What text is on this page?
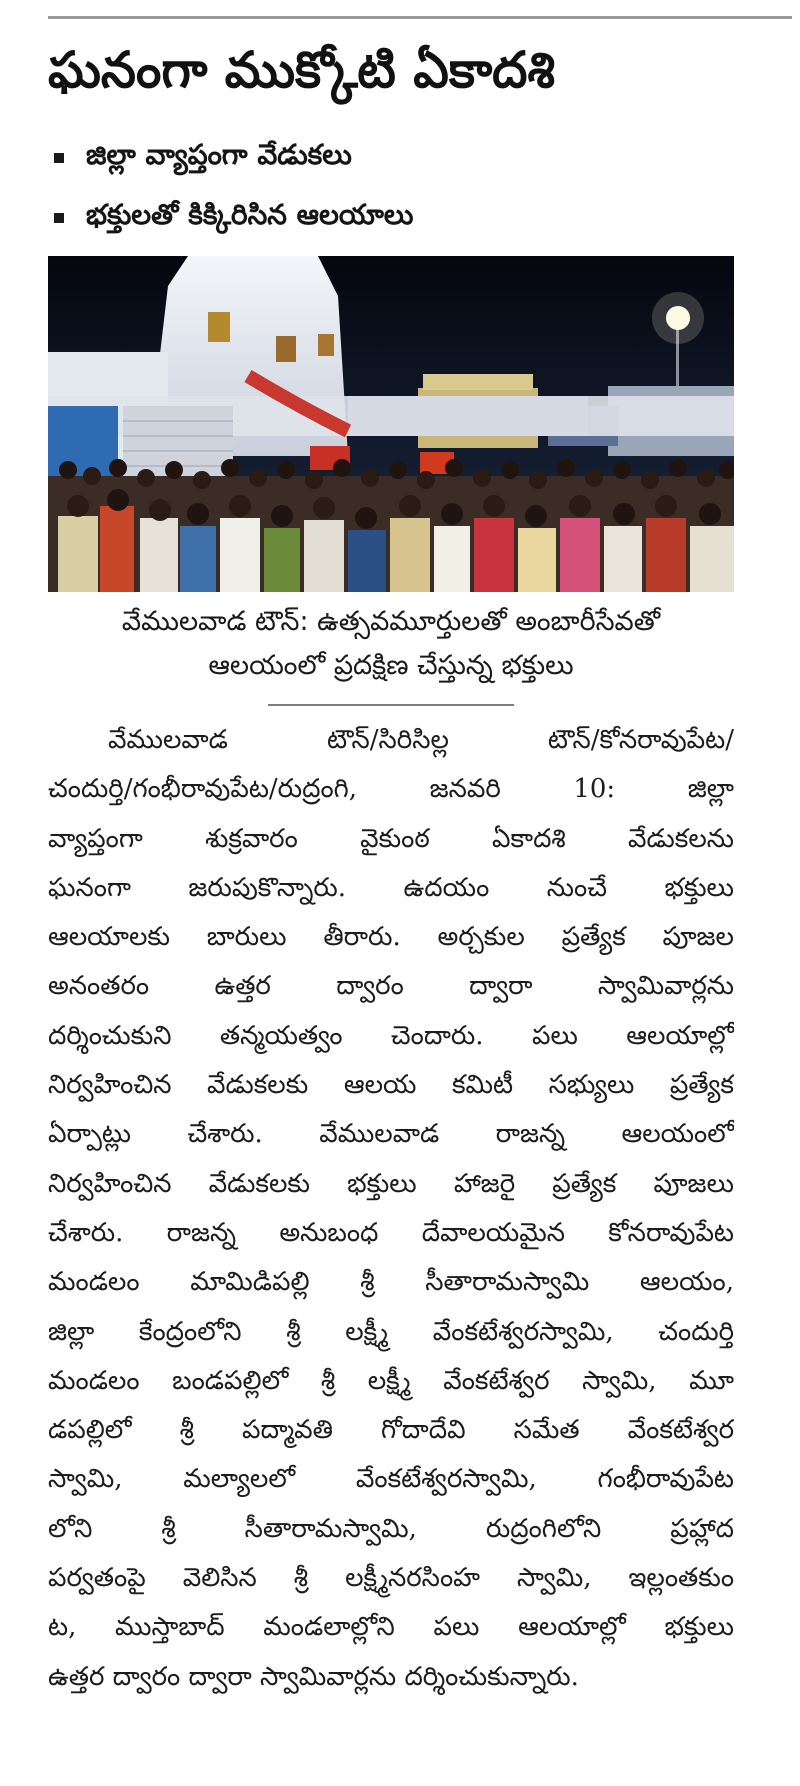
ఘనంగా ముక్కోటి ఏకాదశి
జిల్లా వ్యాప్తంగా వేడుకలు
భక్తులతో కిక్కిరిసిన ఆలయాలు

వేములవాడ టౌన్‌: ఉత్సవమూర్తులతో అంబారీసేవతో
ఆలయంలో ప్రదక్షిణ చేస్తున్న భక్తులు

వేములవాడ టౌన్‌/సిరిసిల్ల టౌన్‌/కోనరావుపేట/
చందుర్తి/గంభీరావుపేట/రుద్రంగి, జనవరి 10: జిల్లా
వ్యాప్తంగా శుక్రవారం వైకుంఠ ఏకాదశి వేడుకలను
ఘనంగా జరుపుకొన్నారు. ఉదయం నుంచే భక్తులు
ఆలయాలకు బారులు తీరారు. అర్చకుల ప్రత్యేక పూజల
అనంతరం ఉత్తర ద్వారం ద్వారా స్వామివార్లను
దర్శించుకుని తన్మయత్వం చెందారు. పలు ఆలయాల్లో
నిర్వహించిన వేడుకలకు ఆలయ కమిటీ సభ్యులు ప్రత్యేక
ఏర్పాట్లు చేశారు. వేములవాడ రాజన్న ఆలయంలో
నిర్వహించిన వేడుకలకు భక్తులు హాజరై ప్రత్యేక పూజలు
చేశారు. రాజన్న అనుబంధ దేవాలయమైన కోనరావుపేట
మండలం మామిడిపల్లి శ్రీ సీతారామస్వామి ఆలయం,
జిల్లా కేంద్రంలోని శ్రీ లక్ష్మీ వేంకటేశ్వరస్వామి, చందుర్తి
మండలం బండపల్లిలో శ్రీ లక్ష్మీ వేంకటేశ్వర స్వామి, మూ
డపల్లిలో శ్రీ పద్మావతి గోదాదేవి సమేత వేంకటేశ్వర
స్వామి, మల్యాలలో వేంకటేశ్వరస్వామి, గంభీరావుపేట
లోని శ్రీ సీతారామస్వామి, రుద్రంగిలోని ప్రహ్లాద
పర్వతంపై వెలిసిన శ్రీ లక్ష్మీనరసింహ స్వామి, ఇల్లంతకుం
ట, ముస్తాబాద్‌ మండలాల్లోని పలు ఆలయాల్లో భక్తులు
ఉత్తర ద్వారం ద్వారా స్వామివార్లను దర్శించుకున్నారు.
